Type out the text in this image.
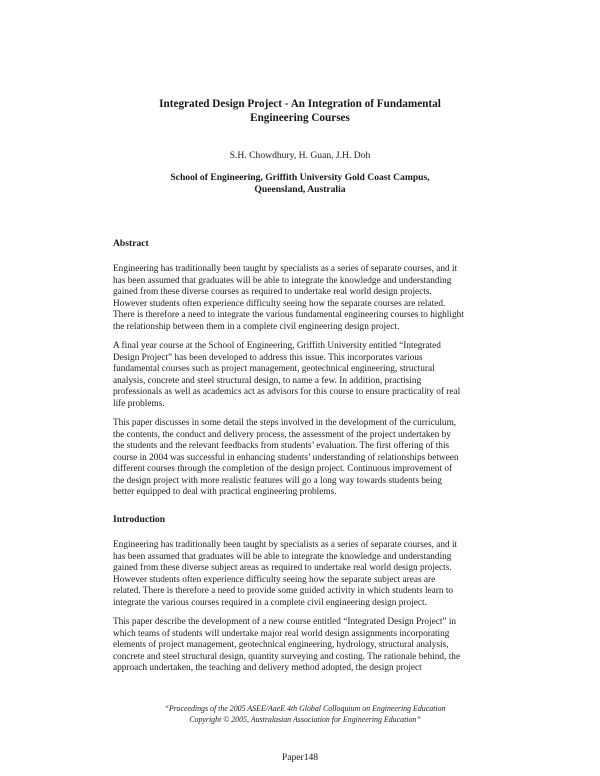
Integrated Design Project - An Integration of Fundamental
Engineering Courses
S.H. Chowdhury, H. Guan, J.H. Doh
School of Engineering, Griffith University Gold Coast Campus,
Queensland, Australia
Abstract
Engineering has traditionally been taught by specialists as a series of separate courses, and it
has been assumed that graduates will be able to integrate the knowledge and understanding
gained from these diverse courses as required to undertake real world design projects.
However students often experience difficulty seeing how the separate courses are related.
There is therefore a need to integrate the various fundamental engineering courses to highlight
the relationship between them in a complete civil engineering design project.
A final year course at the School of Engineering, Griffith University entitled “Integrated
Design Project” has been developed to address this issue. This incorporates various
fundamental courses such as project management, geotechnical engineering, structural
analysis, concrete and steel structural design, to name a few. In addition, practising
professionals as well as academics act as advisors for this course to ensure practicality of real
life problems.
This paper discusses in some detail the steps involved in the development of the curriculum,
the contents, the conduct and delivery process, the assessment of the project undertaken by
the students and the relevant feedbacks from students’ evaluation. The first offering of this
course in 2004 was successful in enhancing students’ understanding of relationships between
different courses through the completion of the design project. Continuous improvement of
the design project with more realistic features will go a long way towards students being
better equipped to deal with practical engineering problems.
Introduction
Engineering has traditionally been taught by specialists as a series of separate courses, and it
has been assumed that graduates will be able to integrate the knowledge and understanding
gained from these diverse subject areas as required to undertake real world design projects.
However students often experience difficulty seeing how the separate subject areas are
related. There is therefore a need to provide some guided activity in which students learn to
integrate the various courses required in a complete civil engineering design project.
This paper describe the development of a new course entitled “Integrated Design Project” in
which teams of students will undertake major real world design assignments incorporating
elements of project management, geotechnical engineering, hydrology, structural analysis,
concrete and steel structural design, quantity surveying and costing. The rationale behind, the
approach undertaken, the teaching and delivery method adopted, the design project
“Proceedings of the 2005 ASEE/AaeE 4th Global Colloquium on Engineering Education
Copyright © 2005, Australasian Association for Engineering Education”
Paper148
